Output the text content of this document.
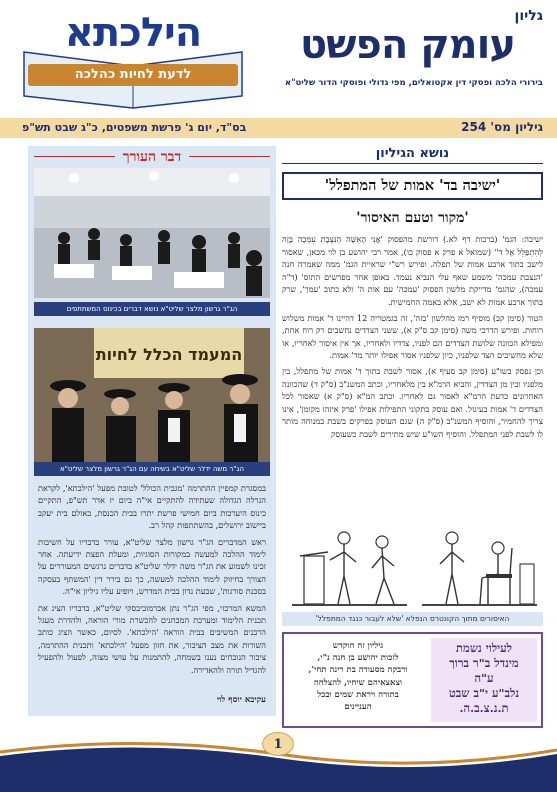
גליון
עומק הפשט
בירורי הלכה ופסקי דין אקטואלים, מפי גדולי ופוסקי הדור שליט"א
הילכתא
לדעת לחיות כהלכה
גיליון מס' 254
בס"ד, יום ג' פרשת משפטים, כ"ג שבט תש"פ
נושא הגיליון
'ישיבה בד' אמות של המתפלל'
'מקור וטעם האיסור'

ישיבה: הגמ' (ברכות דף לא.) דורשת מהפסוק 'אֲנִי הָאִשָּׁה הַנִּצֶּבֶת עִמְּכָה בָּזֶה לְהִתְפַּלֵּל אֶל ד'' (שמואל א פרק א פסוק כו), אמר רבי יהושע בן לוי מכאן, שאסור לישב בתוך ארבע אמות של תפלה. ופירש רש"י שראיית הגמ' ממה שאמרה חנה 'הנצבת עמכה' משמע שאף עלי הנביא נעמד. באופן אחר מפרשים התוס' (ד"ה עמכה), שהגמ' מדייקת מלשון הפסוק 'עמכה' עם אות ה' ולא כתוב 'עמך', שרק בתוך ארבע אמות לא ישב, אלא באמה החמישית.

הטור (סימן קב) מוסיף רמז מהלשון 'בזה', זה בגמטריה 12 דהיינו ד' אמות משלוש רוחות. ופירש הדרכי משה (סימן קב ס"ק א), ששני הצדדים נחשבים רק רוח אחת, ומפילא הכוונה שלושת הצדדים הם לפניו, צדדיו ולאחריו, אך אין איסור לאחריו, או שלא מחשיבים הצד שלפניו, כיון שלפניו אסור אפילו יותר מד' אמות.

וכן נפסק בשו"ע (סימן קב סעיף א), אסור לשבת בתוך ד' אמות של מתפלל, בין מלפניו ובין מן הצדדין, והביא הרמ"א בין מלאחריו, וכתב המשנ"ב (ס"ק ד) שהכוונה האחרונים כדעת הרמ"א לאסור גם לאחריו. וכתב המ"א (ס"ק א) שאסור לכל הצדדים ד' אמות בעיגול. ואם עוסק בתקוני התפילות אפילו 'פרק איזהו מקומן', אינו צריך להחמיר, והוסיף המשנ"ב (ס"ק ה) שגם העוסק בפרקים בשבת במנוחה מותר לו לשבת לפני המתפלל. והוסיף השו"ע שיש מתירים לשבת כשעוסק

האיסורים מתוך הקונטרס הנפלא 'שלא לעבור כנגד המתפלל'
דבר העורך
הג"ר גרשון מלצר שליט"א נושא דברים בכינוס המשתתפים
המעמד הכלל לחיות
הג"ר משה ידלר שליט"א בשיחה עם הג"ר גרשון מלצר שליט"א

במסגרת קמפיין ההתרמה 'מגבית הכולל' לטובת מפעל 'הילכתא', לקראת הגרלה הגדולה שעתידה להתקיים אי"ה ביום יז אדר תש"פ, התקיים כינוס היערכות ביום חמישי פרשת יתרו בבית הכנסת, באולם בית יעקב ביישוב ירושלים, בהשתתפות קהל רב.

ראש המדברים הג"ר גרשון מלצר שליט"א, עורר בדבריו על חשיבות לימוד ההלכה למעשה במקורות הסוגיות, ומעלת הפצת ידיעתה. אחר זכינו לשמוע את הג"ר משה ידלר שליט"א בדברים נרגשים המעוררים על הצורך בחיזוק לימוד ההלכה למעשה, כך גם בירר דין 'המשתף בעסקה בסכנת סורגות', שבעת נדון בבית המדרש, ויופיע עליו גיליון אי"ה.

המשא המרכזי, מפי הג"ר נתן אברמוביבסקי שליט"א, בדבריו הציג את תכנית הלימוד ומערכת המבחנים להכשרת מורי הוראה, ולהדרת מעגל הרבנים המשיבים בבית הוראה 'הילכתא'. לסיום, כאשר הציג כותב השורות את מצב הציבור, את חזון מפעל 'הילכתא' ותכנית ההתרמה, ציבור הנוכחים נענו בשמחה, להתמנות על עושי מצוה, לפעול ולהפעיל להגדיל תורה ולהאדירה.

עקיבא יוסף לוי
לעילוי נשמת
מינדל ב"ר ברוך
ע"ה
נלב"ע י"ב שבט
ת.נ.צ.ב.ה.
גיליון זה הוקדש
לזכות יהושע בן חנה נ"י,
ורבקה מסעודה בת רינה תחי',
וצאצאיהם שיחיו, להצלחה
בתורה ויראת שמים ובכל
העניינים
1
